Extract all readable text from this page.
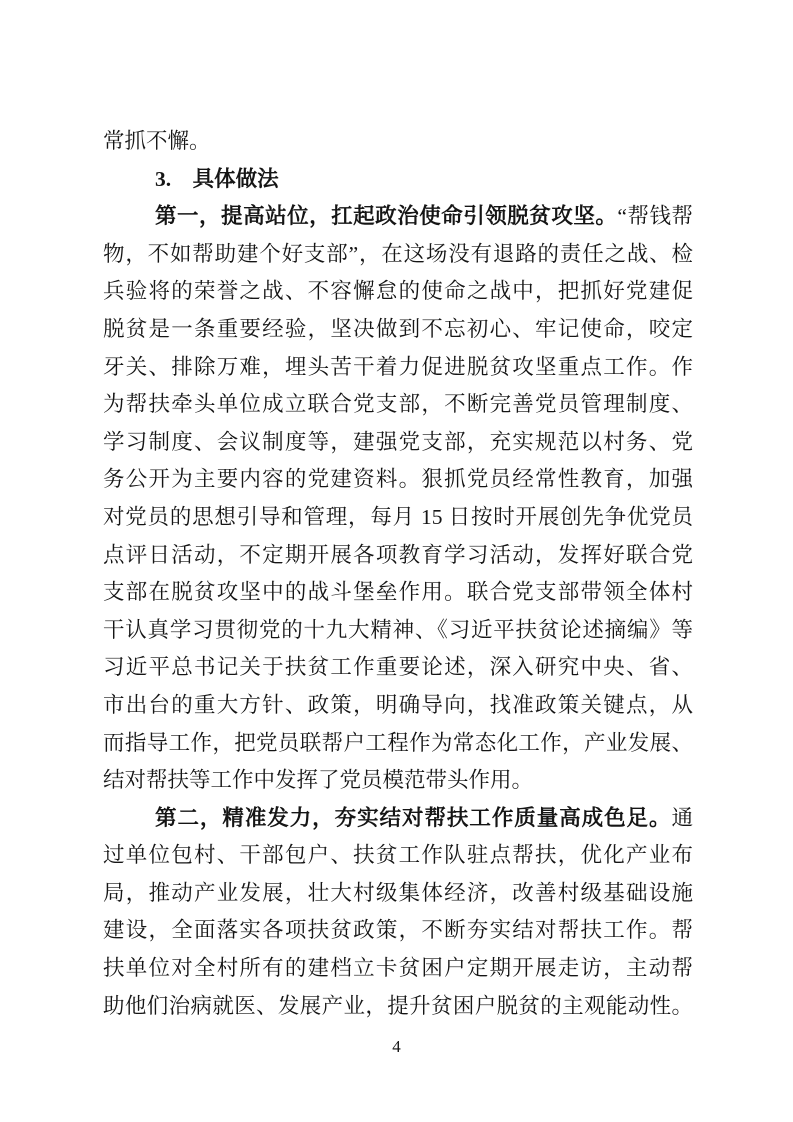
常抓不懈。
3.　具体做法
第一，提高站位，扛起政治使命引领脱贫攻坚。“帮钱帮
物，不如帮助建个好支部”，在这场没有退路的责任之战、检
兵验将的荣誉之战、不容懈怠的使命之战中，把抓好党建促
脱贫是一条重要经验，坚决做到不忘初心、牢记使命，咬定
牙关、排除万难，埋头苦干着力促进脱贫攻坚重点工作。作
为帮扶牵头单位成立联合党支部，不断完善党员管理制度、
学习制度、会议制度等，建强党支部，充实规范以村务、党
务公开为主要内容的党建资料。狠抓党员经常性教育，加强
对党员的思想引导和管理，每月 15 日按时开展创先争优党员
点评日活动，不定期开展各项教育学习活动，发挥好联合党
支部在脱贫攻坚中的战斗堡垒作用。联合党支部带领全体村
干认真学习贯彻党的十九大精神、《习近平扶贫论述摘编》等
习近平总书记关于扶贫工作重要论述，深入研究中央、省、
市出台的重大方针、政策，明确导向，找准政策关键点，从
而指导工作，把党员联帮户工程作为常态化工作，产业发展、
结对帮扶等工作中发挥了党员模范带头作用。
第二，精准发力，夯实结对帮扶工作质量高成色足。通
过单位包村、干部包户、扶贫工作队驻点帮扶，优化产业布
局，推动产业发展，壮大村级集体经济，改善村级基础设施
建设，全面落实各项扶贫政策，不断夯实结对帮扶工作。帮
扶单位对全村所有的建档立卡贫困户定期开展走访，主动帮
助他们治病就医、发展产业，提升贫困户脱贫的主观能动性。
4
